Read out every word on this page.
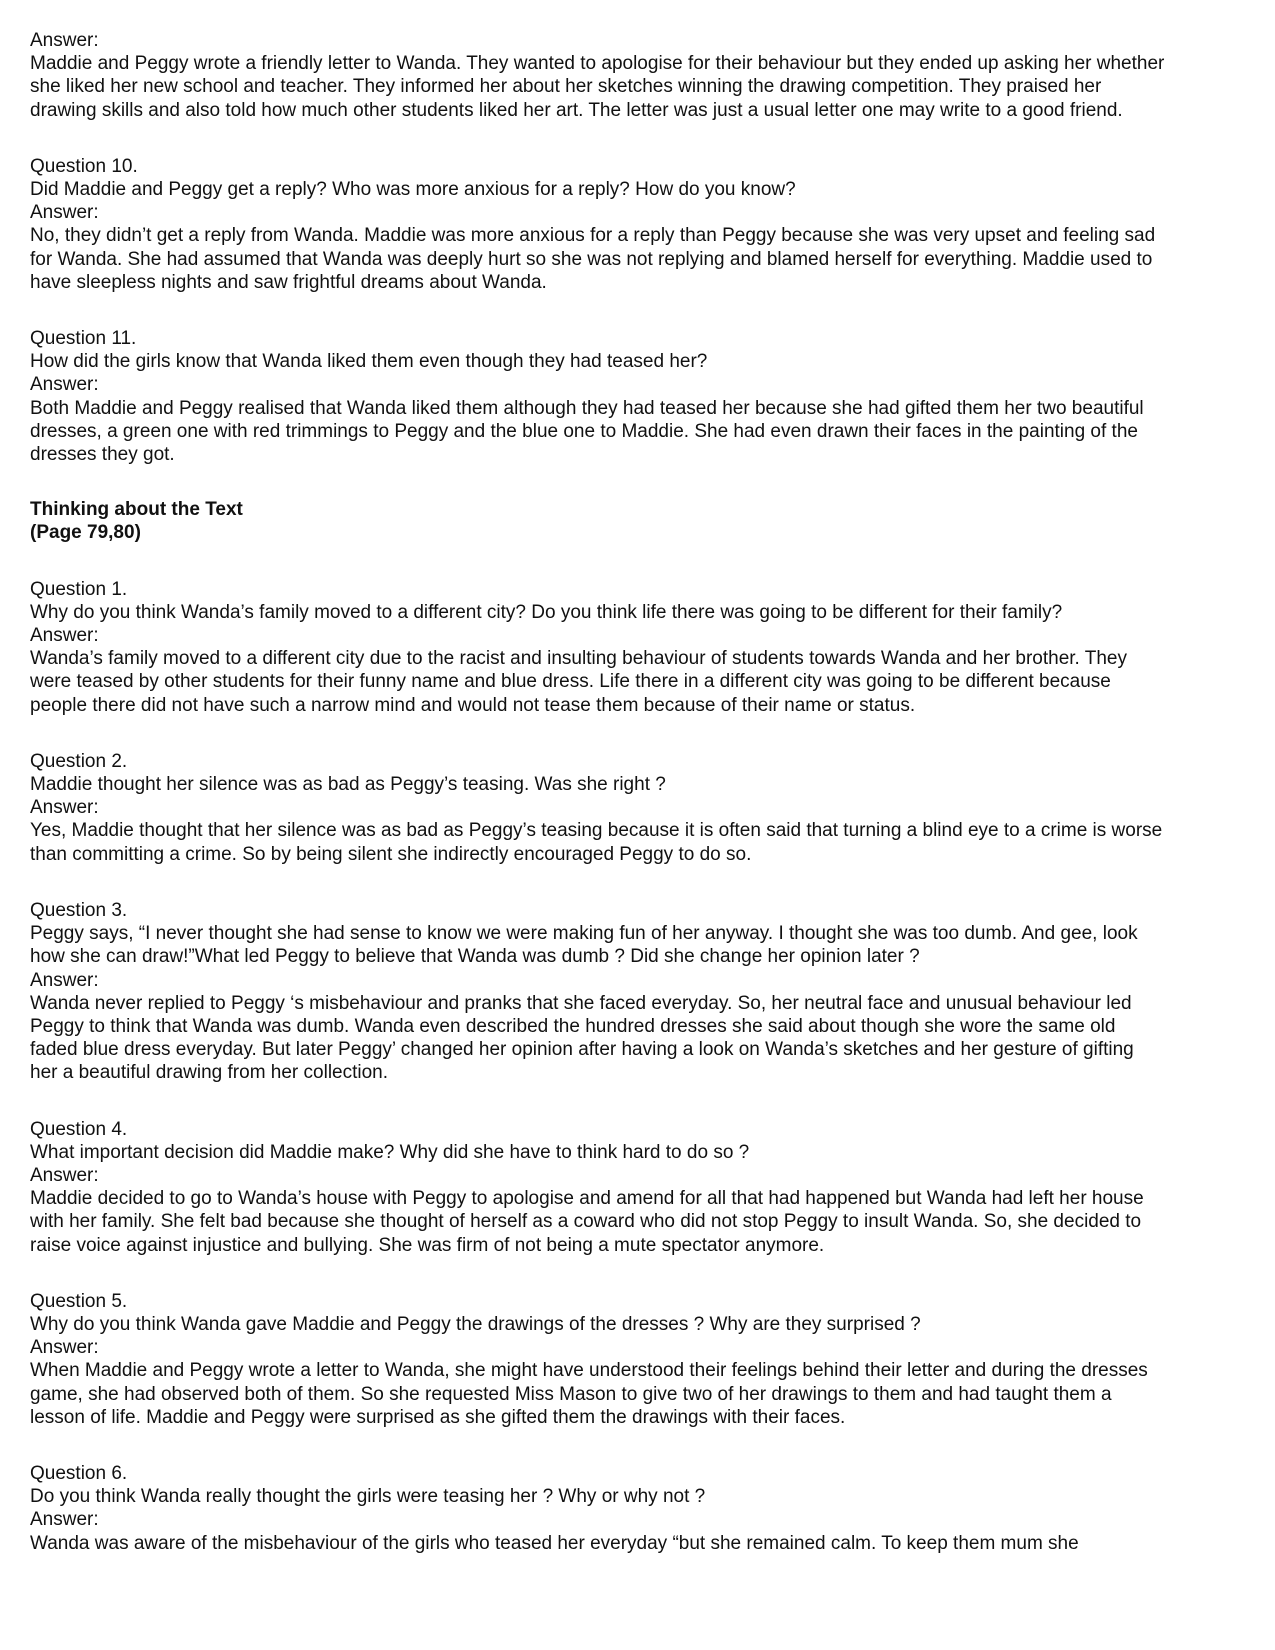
Answer:
Maddie and Peggy wrote a friendly letter to Wanda. They wanted to apologise for their behaviour but they ended up asking her whether
she liked her new school and teacher. They informed her about her sketches winning the drawing competition. They praised her
drawing skills and also told how much other students liked her art. The letter was just a usual letter one may write to a good friend.
Question 10.
Did Maddie and Peggy get a reply? Who was more anxious for a reply? How do you know?
Answer:
No, they didn’t get a reply from Wanda. Maddie was more anxious for a reply than Peggy because she was very upset and feeling sad
for Wanda. She had assumed that Wanda was deeply hurt so she was not replying and blamed herself for everything. Maddie used to
have sleepless nights and saw frightful dreams about Wanda.
Question 11.
How did the girls know that Wanda liked them even though they had teased her?
Answer:
Both Maddie and Peggy realised that Wanda liked them although they had teased her because she had gifted them her two beautiful
dresses, a green one with red trimmings to Peggy and the blue one to Maddie. She had even drawn their faces in the painting of the
dresses they got.
Thinking about the Text
(Page 79,80)
Question 1.
Why do you think Wanda’s family moved to a different city? Do you think life there was going to be different for their family?
Answer:
Wanda’s family moved to a different city due to the racist and insulting behaviour of students towards Wanda and her brother. They
were teased by other students for their funny name and blue dress. Life there in a different city was going to be different because
people there did not have such a narrow mind and would not tease them because of their name or status.
Question 2.
Maddie thought her silence was as bad as Peggy’s teasing. Was she right ?
Answer:
Yes, Maddie thought that her silence was as bad as Peggy’s teasing because it is often said that turning a blind eye to a crime is worse
than committing a crime. So by being silent she indirectly encouraged Peggy to do so.
Question 3.
Peggy says, “I never thought she had sense to know we were making fun of her anyway. I thought she was too dumb. And gee, look
how she can draw!”What led Peggy to believe that Wanda was dumb ? Did she change her opinion later ?
Answer:
Wanda never replied to Peggy ‘s misbehaviour and pranks that she faced everyday. So, her neutral face and unusual behaviour led
Peggy to think that Wanda was dumb. Wanda even described the hundred dresses she said about though she wore the same old
faded blue dress everyday. But later Peggy’ changed her opinion after having a look on Wanda’s sketches and her gesture of gifting
her a beautiful drawing from her collection.
Question 4.
What important decision did Maddie make? Why did she have to think hard to do so ?
Answer:
Maddie decided to go to Wanda’s house with Peggy to apologise and amend for all that had happened but Wanda had left her house
with her family. She felt bad because she thought of herself as a coward who did not stop Peggy to insult Wanda. So, she decided to
raise voice against injustice and bullying. She was firm of not being a mute spectator anymore.
Question 5.
Why do you think Wanda gave Maddie and Peggy the drawings of the dresses ? Why are they surprised ?
Answer:
When Maddie and Peggy wrote a letter to Wanda, she might have understood their feelings behind their letter and during the dresses
game, she had observed both of them. So she requested Miss Mason to give two of her drawings to them and had taught them a
lesson of life. Maddie and Peggy were surprised as she gifted them the drawings with their faces.
Question 6.
Do you think Wanda really thought the girls were teasing her ? Why or why not ?
Answer:
Wanda was aware of the misbehaviour of the girls who teased her everyday “but she remained calm. To keep them mum she
